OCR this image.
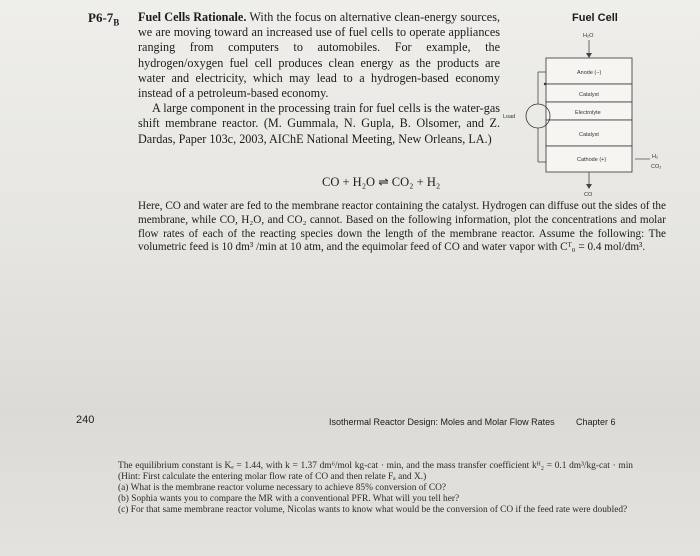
$P6-7_B$ Fuel Cells Rationale. With the focus on alternative clean-energy sources, we are moving toward an increased use of fuel cells to operate appliances ranging from computers to automobiles. For example, the hydrogen/oxygen fuel cell produces clean energy as the products are water and electricity, which may lead to a hydrogen-based economy instead of a petroleum-based economy.
A large component in the processing train for fuel cells is the water-gas shift membrane reactor. (M. Gummala, N. Gupla, B. Olsomer, and Z. Dardas, Paper 103c, 2003, AIChE National Meeting, New Orleans, LA.)
CO + H₂O ⇌ CO₂ + H₂
Here, CO and water are fed to the membrane reactor containing the catalyst. Hydrogen can diffuse out the sides of the membrane, while CO, H₂O, and CO₂ cannot. Based on the following information, plot the concentrations and molar flow rates of each of the reacting species down the length of the membrane reactor. Assume the following: The volumetric feed is 10 dm³ /min at 10 atm, and the equimolar feed of CO and water vapor with Cᵀ₀ = 0.4 mol/dm³.
Fuel Cell
H₂O
Anode (−)
Catalyst
Electrolyte
Catalyst
Cathode (+)
Load
H₂
CO₂
CO
240	Isothermal Reactor Design: Moles and Molar Flow Rates Chapter 6
The equilibrium constant is Kₑ = 1.44, with k = 1.37 dm⁶/mol kg-cat · min, and the mass transfer coefficient kᴴ₂ = 0.1 dm³/kg-cat · min (Hint: First calculate the entering molar flow rate of CO and then relate Fₐ and X.)
(a) What is the membrane reactor volume necessary to achieve 85% conversion of CO?
(b) Sophia wants you to compare the MR with a conventional PFR. What will you tell her?
(c) For that same membrane reactor volume, Nicolas wants to know what would be the conversion of CO if the feed rate were doubled?
